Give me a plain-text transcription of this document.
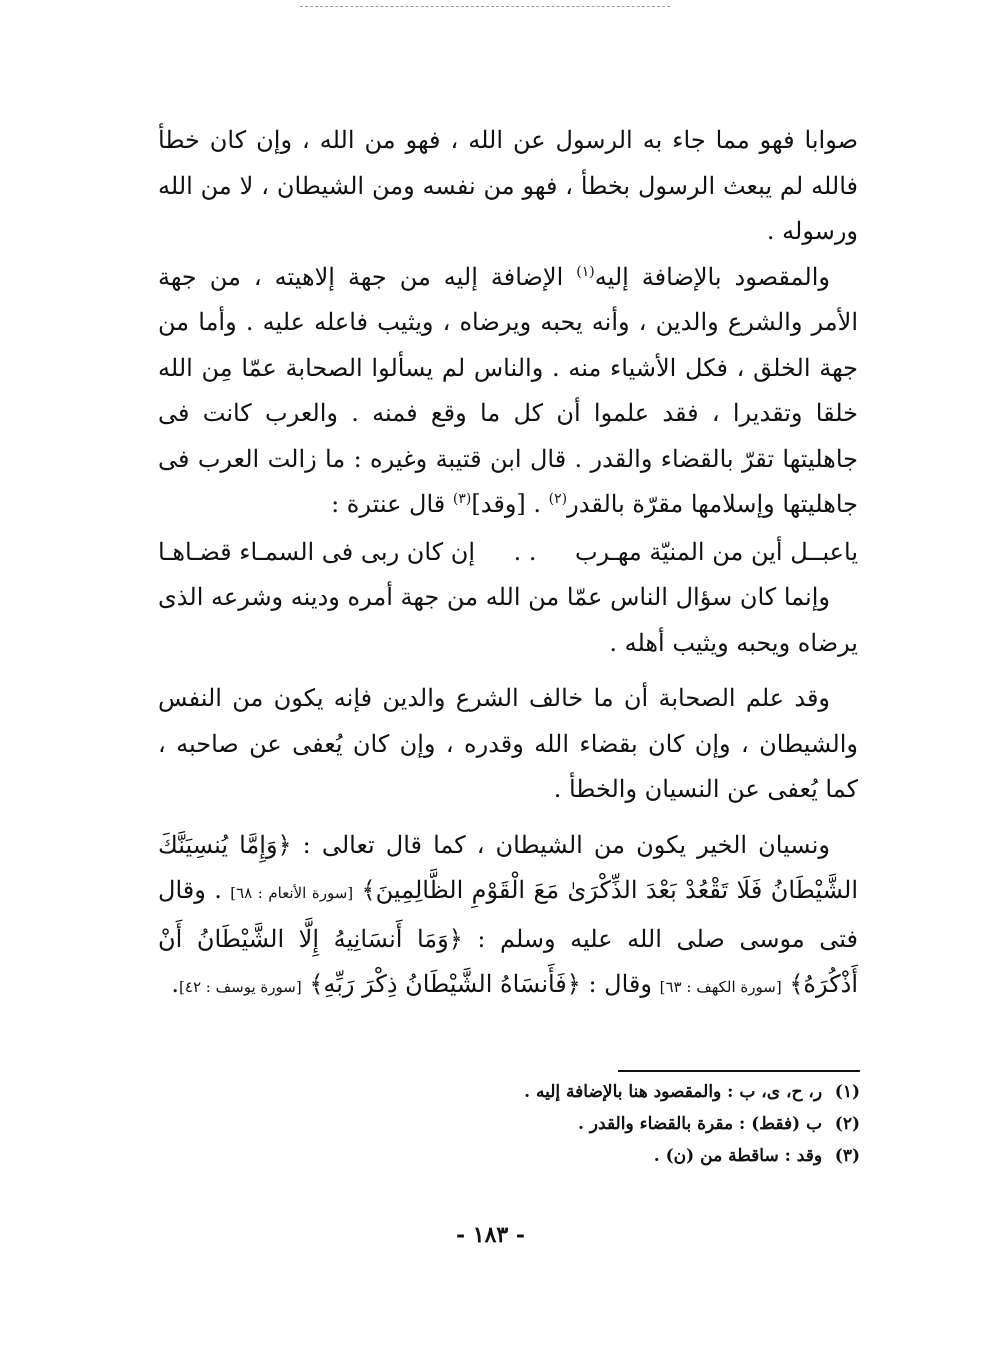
صوابا فهو مما جاء به الرسول عن الله ، فهو من الله ، وإن كان خطأ فالله لم يبعث الرسول بخطأ ، فهو من نفسه ومن الشيطان ، لا من الله ورسوله .

والمقصود بالإضافة إليه$^{(١)}$ الإضافة إليه من جهة إلاهيته ، من جهة الأمر والشرع والدين ، وأنه يحبه ويرضاه ، ويثيب فاعله عليه . وأما من جهة الخلق ، فكل الأشياء منه . والناس لم يسألوا الصحابة عمّا مِن الله خلقا وتقديرا ، فقد علموا أن كل ما وقع فمنه . والعرب كانت فى جاهليتها تقرّ بالقضاء والقدر . قال ابن قتيبة وغيره : ما زالت العرب فى جاهليتها وإسلامها مقرّة بالقدر$^{(٢)}$ . [وقد]$^{(٣)}$ قال عنترة :

ياعبــل أين من المنيّة مهـرب
. .
إن كان ربى فى السمـاء قضـاهـا

وإنما كان سؤال الناس عمّا من الله من جهة أمره ودينه وشرعه الذى يرضاه ويحبه ويثيب أهله .

وقد علم الصحابة أن ما خالف الشرع والدين فإنه يكون من النفس والشيطان ، وإن كان بقضاء الله وقدره ، وإن كان يُعفى عن صاحبه ، كما يُعفى عن النسيان والخطأ .

ونسيان الخير يكون من الشيطان ، كما قال تعالى : ﴿وَإِمَّا يُنسِيَنَّكَ الشَّيْطَانُ فَلَا تَقْعُدْ بَعْدَ الذِّكْرَىٰ مَعَ الْقَوْمِ الظَّالِمِينَ﴾ [سورة الأنعام : ٦٨] . وقال فتى موسى صلى الله عليه وسلم : ﴿وَمَا أَنسَانِيهُ إِلَّا الشَّيْطَانُ أَنْ أَذْكُرَهُ﴾ [سورة الكهف : ٦٣] وقال : ﴿فَأَنسَاهُ الشَّيْطَانُ ذِكْرَ رَبِّهِ﴾ [سورة يوسف : ٤٢].

(١) ر، ح، ى، ب : والمقصود هنا بالإضافة إليه .
(٢) ب (فقط) : مقرة بالقضاء والقدر .
(٣) وقد : ساقطة من (ن) .
- ١٨٣ -
